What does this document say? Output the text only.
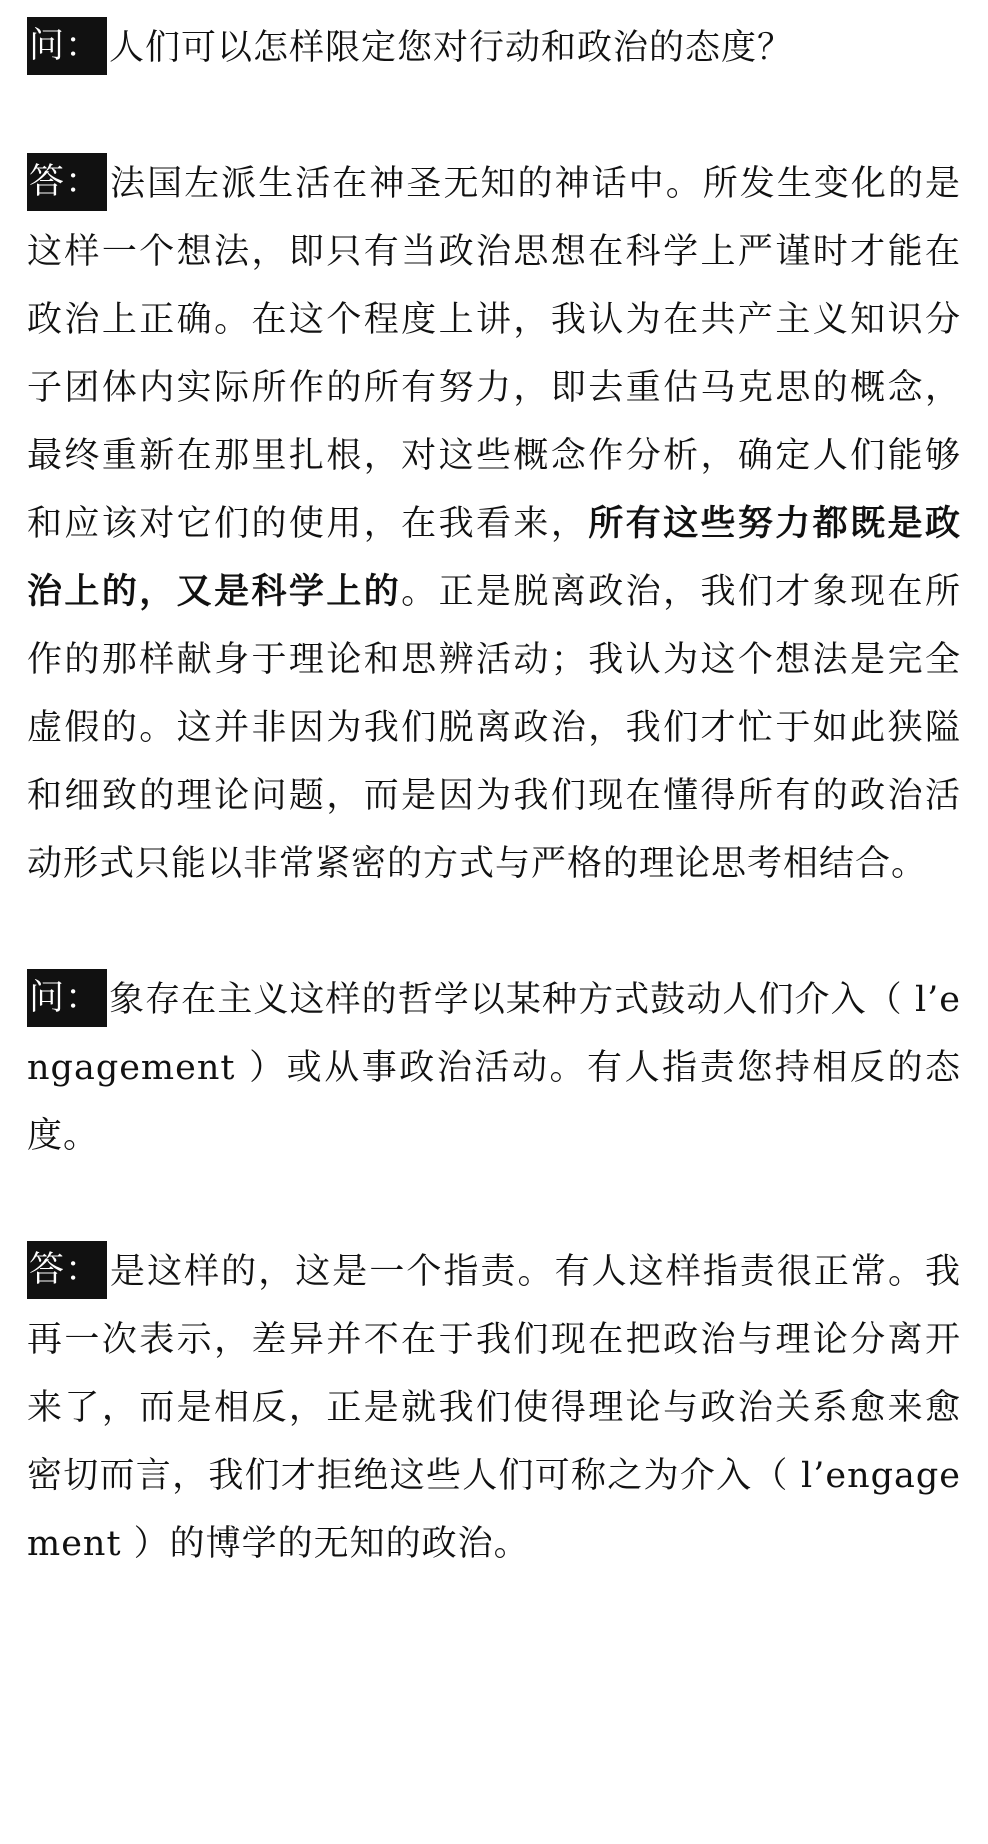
问： 人们可以怎样限定您对行动和政治的态度？

答： 法国左派生活在神圣无知的神话中。所发生变化的是这样一个想法，即只有当政治思想在科学上严谨时才能在政治上正确。在这个程度上讲，我认为在共产主义知识分子团体内实际所作的所有努力，即去重估马克思的概念，最终重新在那里扎根，对这些概念作分析，确定人们能够和应该对它们的使用，在我看来，所有这些努力都既是政治上的，又是科学上的。正是脱离政治，我们才象现在所作的那样献身于理论和思辨活动；我认为这个想法是完全虚假的。这并非因为我们脱离政治，我们才忙于如此狭隘和细致的理论问题，而是因为我们现在懂得所有的政治活动形式只能以非常紧密的方式与严格的理论思考相结合。

问： 象存在主义这样的哲学以某种方式鼓动人们介入（ l’engagement ）或从事政治活动。有人指责您持相反的态度。

答： 是这样的，这是一个指责。有人这样指责很正常。我再一次表示，差异并不在于我们现在把政治与理论分离开来了，而是相反，正是就我们使得理论与政治关系愈来愈密切而言，我们才拒绝这些人们可称之为介入（ l’engagement ）的博学的无知的政治。
